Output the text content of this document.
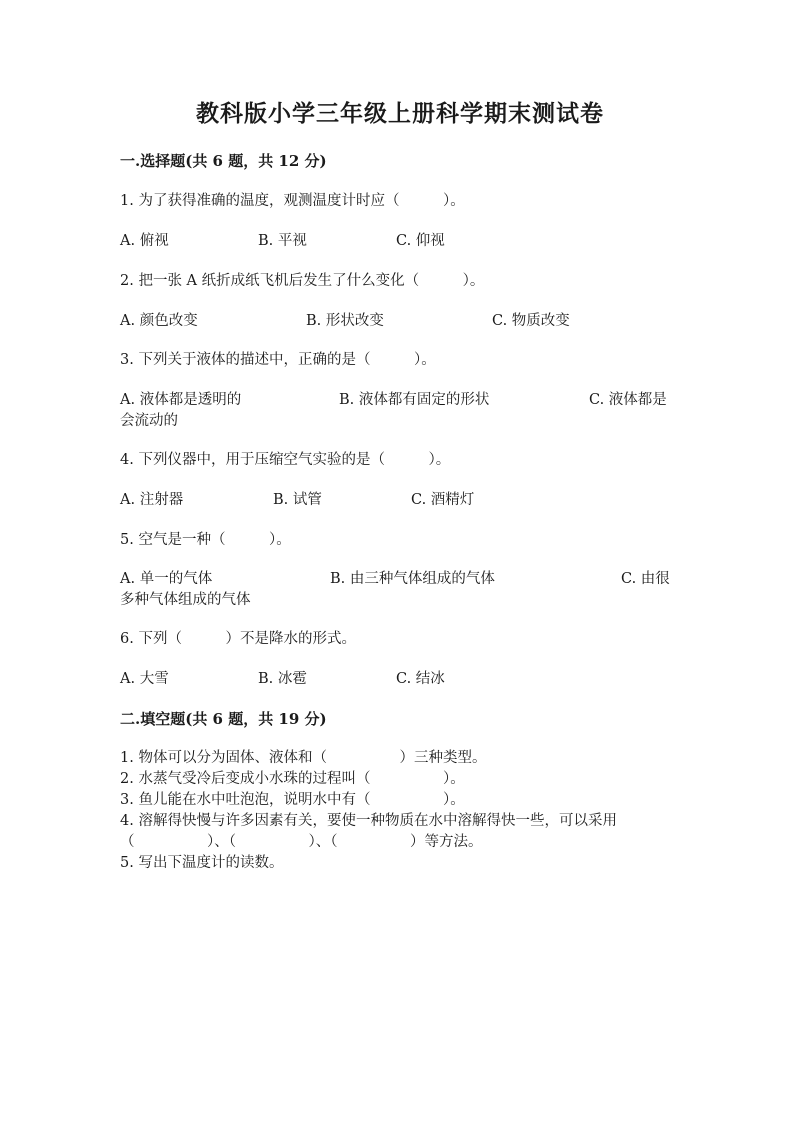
教科版小学三年级上册科学期末测试卷
一.选择题(共 6 题，共 12 分)
1. 为了获得准确的温度，观测温度计时应（　　　）。
A. 俯视	B. 平视	C. 仰视
2. 把一张 A 纸折成纸飞机后发生了什么变化（　　　）。
A. 颜色改变	B. 形状改变	C. 物质改变
3. 下列关于液体的描述中，正确的是（　　　）。
A. 液体都是透明的	B. 液体都有固定的形状	C. 液体都是
会流动的
4. 下列仪器中，用于压缩空气实验的是（　　　）。
A. 注射器	B. 试管	C. 酒精灯
5. 空气是一种（　　　）。
A. 单一的气体	B. 由三种气体组成的气体	C. 由很
多种气体组成的气体
6. 下列（　　　）不是降水的形式。
A. 大雪	B. 冰雹	C. 结冰
二.填空题(共 6 题，共 19 分)
1. 物体可以分为固体、液体和（　　　　　）三种类型。
2. 水蒸气受冷后变成小水珠的过程叫（　　　　　）。
3. 鱼儿能在水中吐泡泡，说明水中有（　　　　　）。
4. 溶解得快慢与许多因素有关，要使一种物质在水中溶解得快一些，可以采用
（　　　　　）、（　　　　　）、（　　　　　）等方法。
5. 写出下温度计的读数。
